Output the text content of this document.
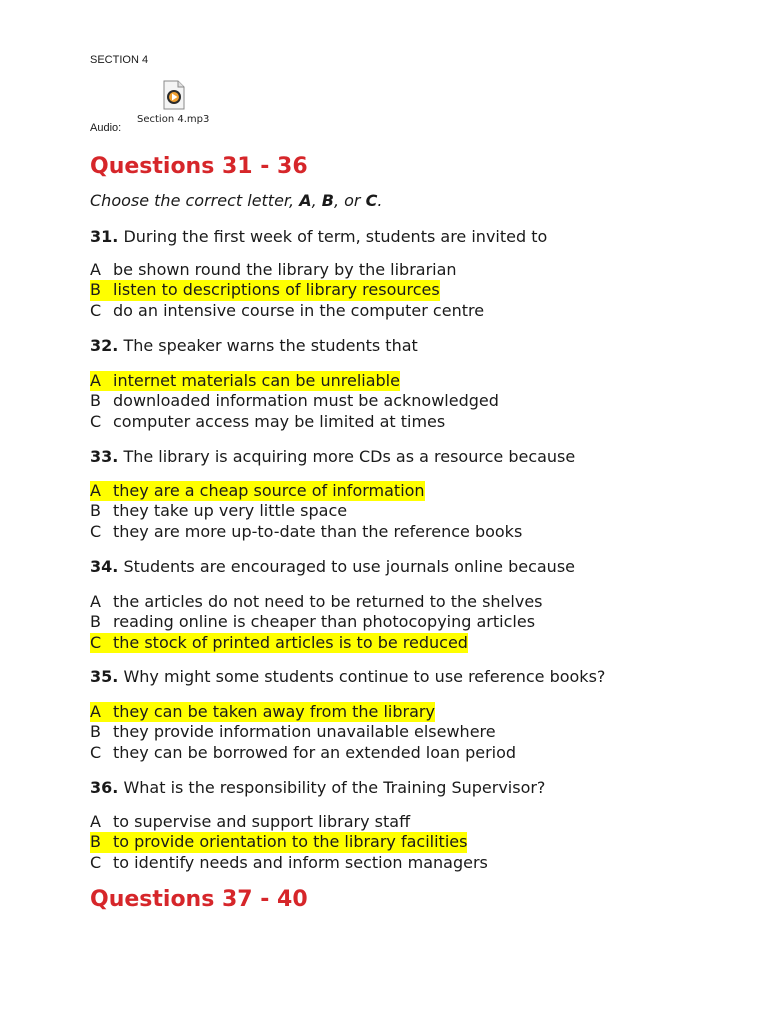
SECTION 4
Section 4.mp3
Audio:
Questions 31 - 36
Choose the correct letter, A, B, or C.
31. During the first week of term, students are invited to
A be shown round the library by the librarian
B listen to descriptions of library resources
C do an intensive course in the computer centre
32. The speaker warns the students that
A internet materials can be unreliable
B downloaded information must be acknowledged
C computer access may be limited at times
33. The library is acquiring more CDs as a resource because
A they are a cheap source of information
B they take up very little space
C they are more up-to-date than the reference books
34. Students are encouraged to use journals online because
A the articles do not need to be returned to the shelves
B reading online is cheaper than photocopying articles
C the stock of printed articles is to be reduced
35. Why might some students continue to use reference books?
A they can be taken away from the library
B they provide information unavailable elsewhere
C they can be borrowed for an extended loan period
36. What is the responsibility of the Training Supervisor?
A to supervise and support library staff
B to provide orientation to the library facilities
C to identify needs and inform section managers
Questions 37 - 40
